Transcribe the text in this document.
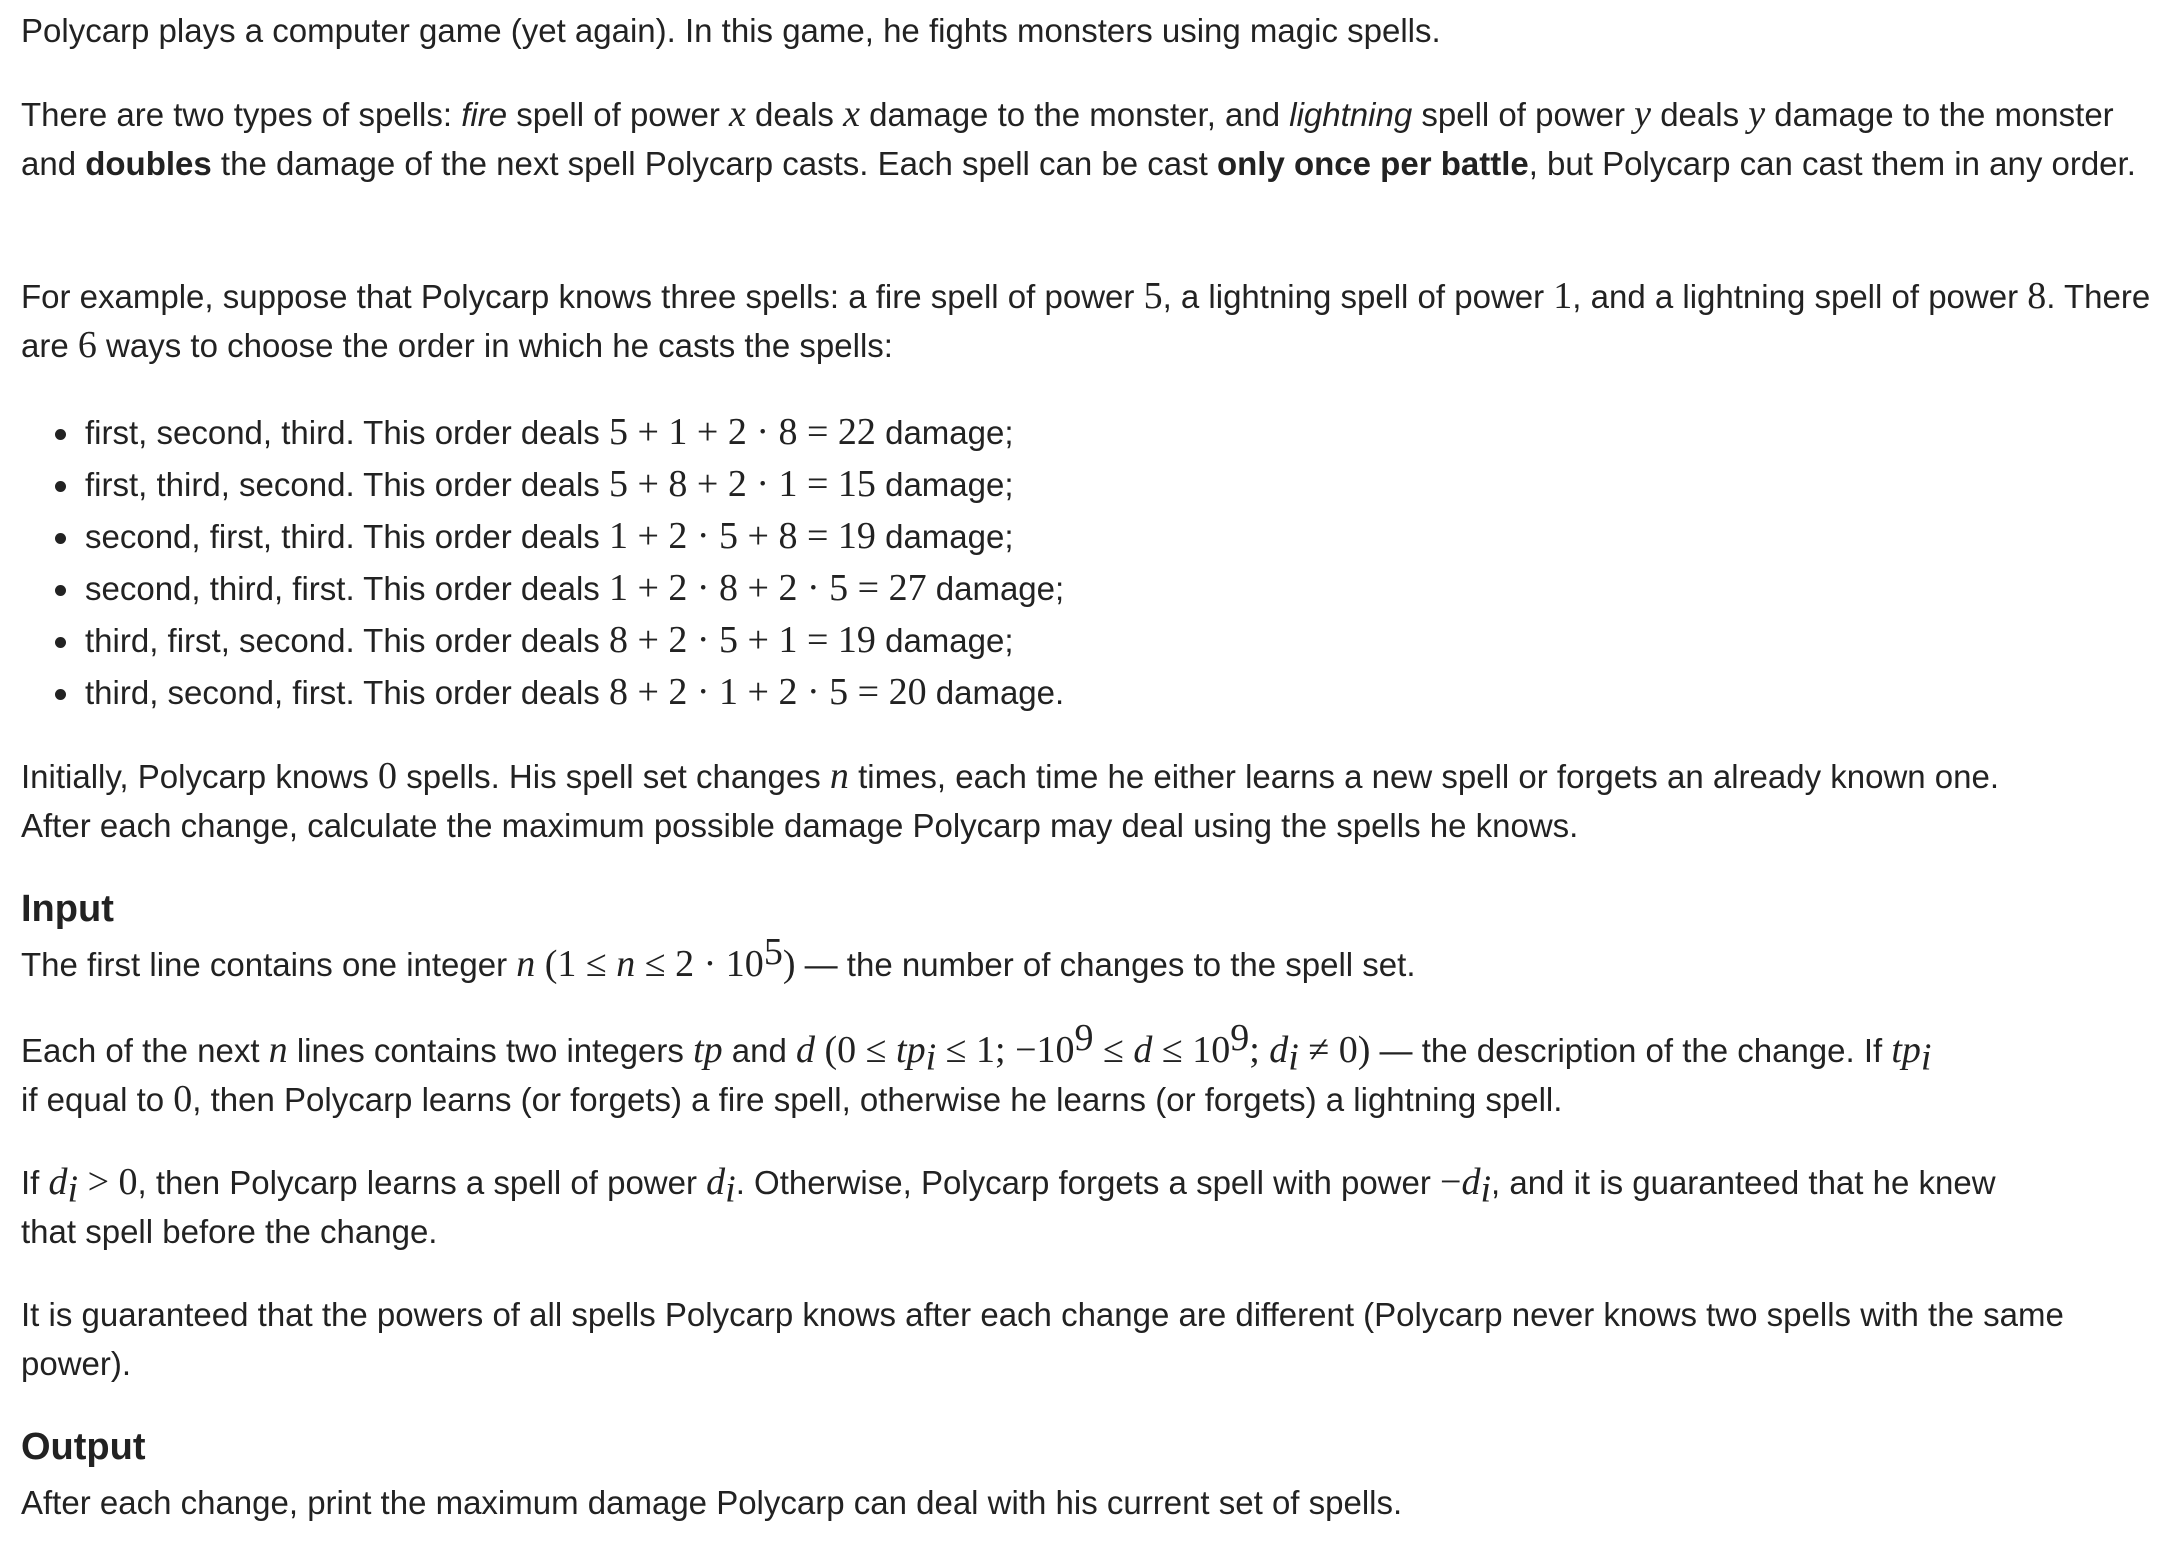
Polycarp plays a computer game (yet again). In this game, he fights monsters using magic spells.

There are two types of spells: fire spell of power x deals x damage to the monster, and lightning spell of power y deals y damage to the monster and doubles the damage of the next spell Polycarp casts. Each spell can be cast only once per battle, but Polycarp can cast them in any order.

For example, suppose that Polycarp knows three spells: a fire spell of power 5, a lightning spell of power 1, and a lightning spell of power 8. There are 6 ways to choose the order in which he casts the spells:

first, second, third. This order deals 5 + 1 + 2 · 8 = 22 damage;
first, third, second. This order deals 5 + 8 + 2 · 1 = 15 damage;
second, first, third. This order deals 1 + 2 · 5 + 8 = 19 damage;
second, third, first. This order deals 1 + 2 · 8 + 2 · 5 = 27 damage;
third, first, second. This order deals 8 + 2 · 5 + 1 = 19 damage;
third, second, first. This order deals 8 + 2 · 1 + 2 · 5 = 20 damage.

Initially, Polycarp knows 0 spells. His spell set changes n times, each time he either learns a new spell or forgets an already known one.
After each change, calculate the maximum possible damage Polycarp may deal using the spells he knows.

Input

The first line contains one integer n $(1 \le n \le 2 \cdot 10^5)$ — the number of changes to the spell set.

Each of the next n lines contains two integers tp and d ($0 \le tp_i \le 1$; $-10^9 \le d \le 10^9$; $d_i \ne 0$) — the description of the change. If $tp_i$
if equal to 0, then Polycarp learns (or forgets) a fire spell, otherwise he learns (or forgets) a lightning spell.

If $d_i > 0$, then Polycarp learns a spell of power $d_i$. Otherwise, Polycarp forgets a spell with power $-d_i$, and it is guaranteed that he knew
that spell before the change.

It is guaranteed that the powers of all spells Polycarp knows after each change are different (Polycarp never knows two spells with the same power).

Output

After each change, print the maximum damage Polycarp can deal with his current set of spells.
